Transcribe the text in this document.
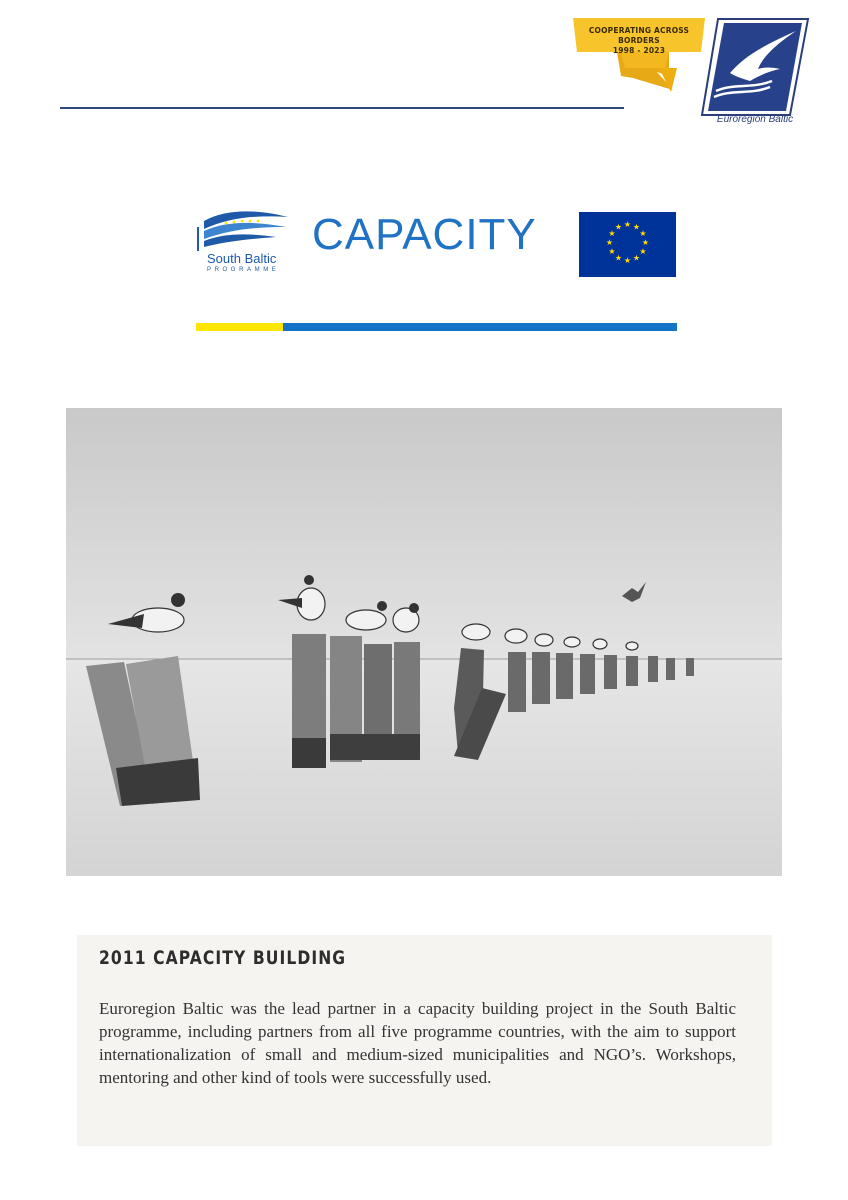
COOPERATING ACROSS BORDERS
1998 - 2023
Euroregion Baltic
South Baltic
PROGRAMME
CAPACITY	★ ★
★
★
★
★
★
★
★
★
★
★
2011 CAPACITY BUILDING
Euroregion Baltic was the lead partner in a capacity building project in the South Baltic programme, including partners from all five programme countries, with the aim to support internationalization of small and medium-sized municipalities and NGO’s. Workshops, mentoring and other kind of tools were successfully used.
